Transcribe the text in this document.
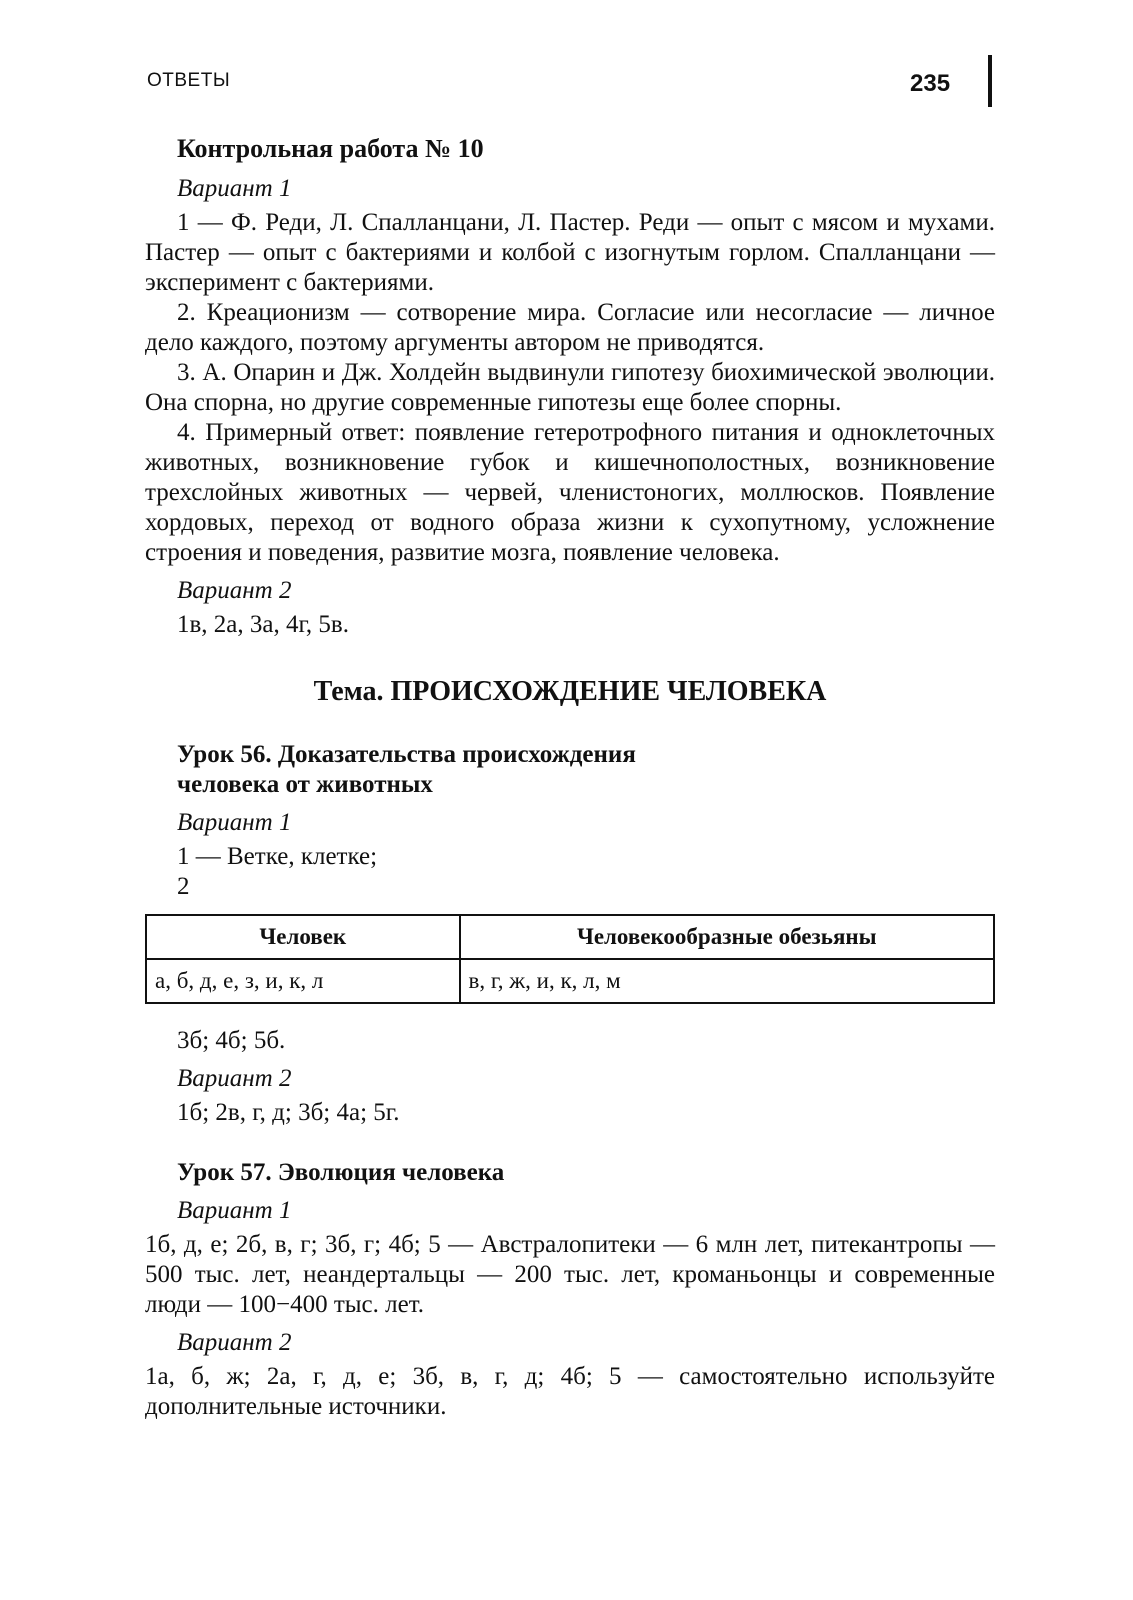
ОТВЕТЫ	235
Контрольная работа № 10
Вариант 1

1 — Ф. Реди, Л. Спалланцани, Л. Пастер. Реди — опыт с мясом и мухами. Пастер — опыт с бактериями и колбой с изогнутым горлом. Спалланцани — эксперимент с бактериями.

2. Креационизм — сотворение мира. Согласие или несогласие — личное дело каждого, поэтому аргументы автором не приводятся.

3. А. Опарин и Дж. Холдейн выдвинули гипотезу биохимической эволюции. Она спорна, но другие современные гипотезы еще более спорны.

4. Примерный ответ: появление гетеротрофного питания и одноклеточных животных, возникновение губок и кишечнополостных, возникновение трехслойных животных — червей, членистоногих, моллюсков. Появление хордовых, переход от водного образа жизни к сухопутному, усложнение строения и поведения, развитие мозга, появление человека.

Вариант 2

1в, 2а, 3а, 4г, 5в.

Тема. ПРОИСХОЖДЕНИЕ ЧЕЛОВЕКА
Урок 56. Доказательства происхождения
человека от животных
Вариант 1

1 — Ветке, клетке;

2

Человек	Человекообразные обезьяны
а, б, д, е, з, и, к, л	в, г, ж, и, к, л, м

3б; 4б; 5б.

Вариант 2

1б; 2в, г, д; 3б; 4а; 5г.

Урок 57. Эволюция человека
Вариант 1

1б, д, е; 2б, в, г; 3б, г; 4б; 5 — Австралопитеки — 6 млн лет, питекантропы — 500 тыс. лет, неандертальцы — 200 тыс. лет, кроманьонцы и современные люди — 100−400 тыс. лет.

Вариант 2

1а, б, ж; 2а, г, д, е; 3б, в, г, д; 4б; 5 — самостоятельно используйте дополнительные источники.
